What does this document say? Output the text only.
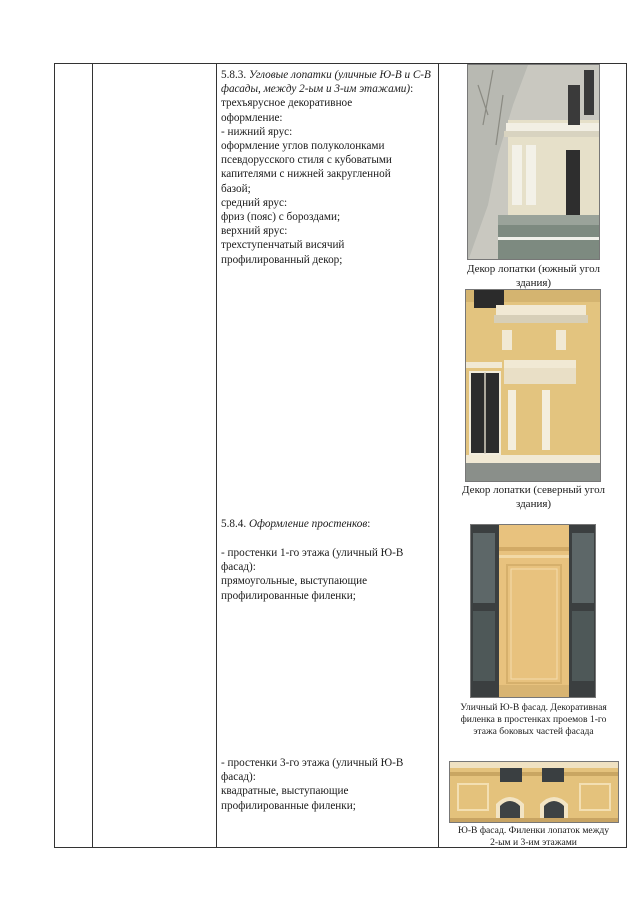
5.8.3. Угловые лопатки (уличные Ю-В и С-В фасады, между 2-ым и 3-им этажами):

трехъярусное декоративное

оформление:

- нижний ярус:

оформление углов полуколонками

псевдорусского стиля с кубоватыми

капителями с нижней закругленной

базой;

средний ярус:

фриз (пояс) с бороздами;

верхний ярус:

трехступенчатый висячий

профилированный декор;

5.8.4. Оформление простенков:

- простенки 1-го этажа (уличный Ю-В

фасад):

прямоугольные, выступающие

профилированные филенки;

- простенки 3-го этажа (уличный Ю-В

фасад):

квадратные, выступающие

профилированные филенки;

Декор лопатки (южный угол
здания)
Декор лопатки (северный угол
здания)
Уличный Ю-В фасад. Декоративная
филенка в простенках проемов 1-го
этажа боковых частей фасада
Ю-В фасад. Филенки лопаток между
2-ым и 3-им этажами
